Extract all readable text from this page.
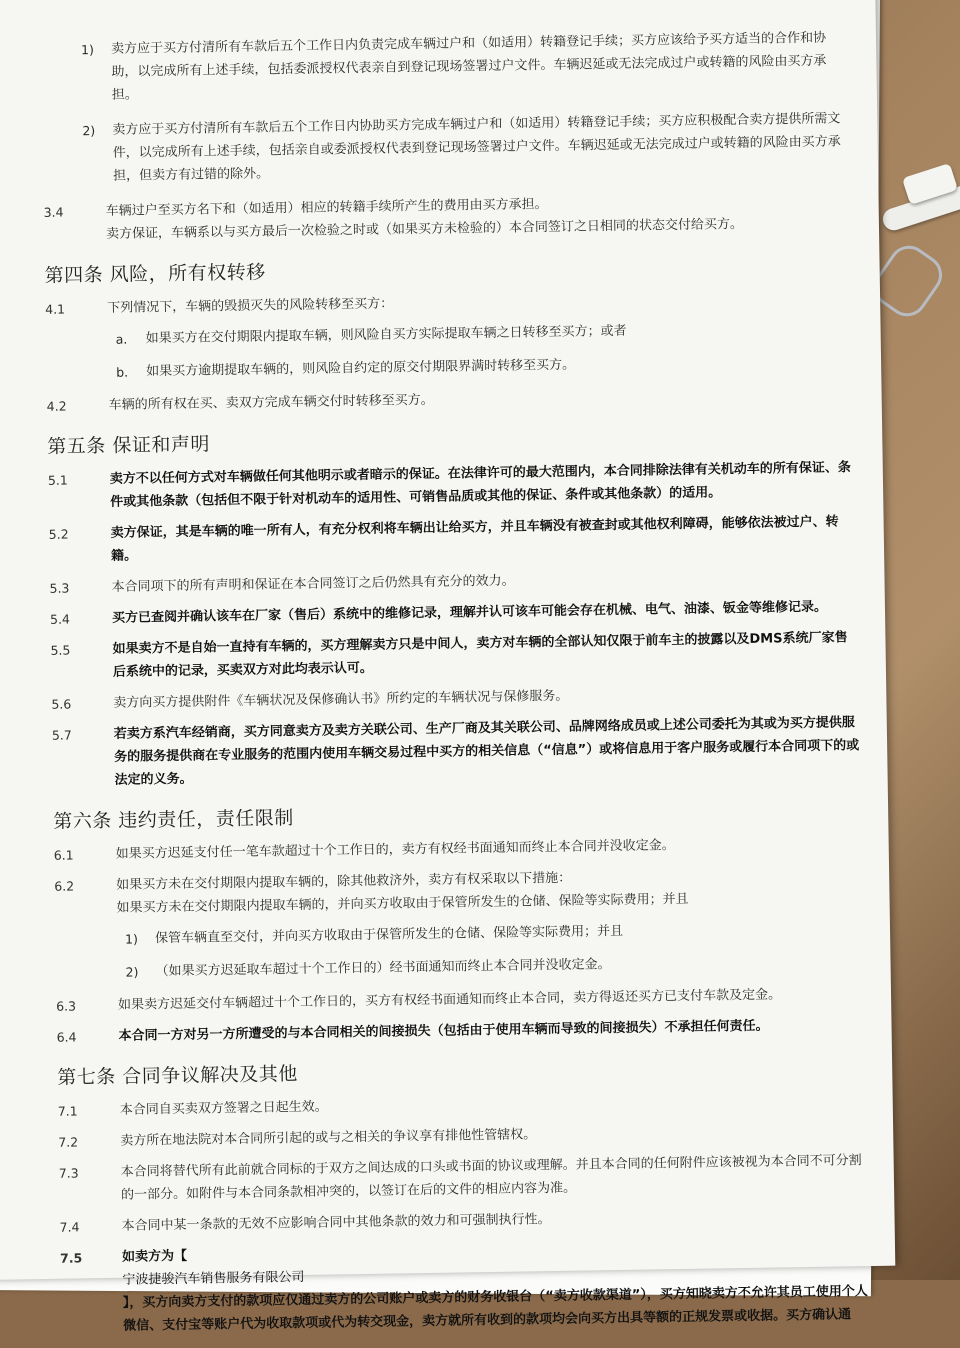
1) 卖方应于买方付清所有车款后五个工作日内负责完成车辆过户和（如适用）转籍登记手续；买方应该给予买方适当的合作和协助，以完成所有上述手续，包括委派授权代表亲自到登记现场签署过户文件。车辆迟延或无法完成过户或转籍的风险由买方承担。
2) 卖方应于买方付清所有车款后五个工作日内协助买方完成车辆过户和（如适用）转籍登记手续；买方应积极配合卖方提供所需文件，以完成所有上述手续，包括亲自或委派授权代表到登记现场签署过户文件。车辆迟延或无法完成过户或转籍的风险由买方承担，但卖方有过错的除外。
3.4	车辆过户至买方名下和（如适用）相应的转籍手续所产生的费用由买方承担。
卖方保证，车辆系以与买方最后一次检验之时或（如果买方未检验的）本合同签订之日相同的状态交付给买方。
第四条 风险，所有权转移
4.1	下列情况下，车辆的毁损灭失的风险转移至买方：
a. 如果买方在交付期限内提取车辆，则风险自买方实际提取车辆之日转移至买方；或者
b. 如果买方逾期提取车辆的，则风险自约定的原交付期限界满时转移至买方。
4.2	车辆的所有权在买、卖双方完成车辆交付时转移至买方。
第五条 保证和声明
5.1	卖方不以任何方式对车辆做任何其他明示或者暗示的保证。在法律许可的最大范围内，本合同排除法律有关机动车的所有保证、条件或其他条款（包括但不限于针对机动车的适用性、可销售品质或其他的保证、条件或其他条款）的适用。
5.2	卖方保证，其是车辆的唯一所有人，有充分权利将车辆出让给买方，并且车辆没有被查封或其他权利障碍，能够依法被过户、转籍。
5.3	本合同项下的所有声明和保证在本合同签订之后仍然具有充分的效力。
5.4	买方已查阅并确认该车在厂家（售后）系统中的维修记录，理解并认可该车可能会存在机械、电气、油漆、钣金等维修记录。
5.5	如果卖方不是自始一直持有车辆的，买方理解卖方只是中间人，卖方对车辆的全部认知仅限于前车主的披露以及DMS系统厂家售后系统中的记录，买卖双方对此均表示认可。
5.6	卖方向买方提供附件《车辆状况及保修确认书》所约定的车辆状况与保修服务。
5.7	若卖方系汽车经销商，买方同意卖方及卖方关联公司、生产厂商及其关联公司、品牌网络成员或上述公司委托为其或为买方提供服务的服务提供商在专业服务的范围内使用车辆交易过程中买方的相关信息（“信息”）或将信息用于客户服务或履行本合同项下的或法定的义务。
第六条 违约责任，责任限制
6.1	如果买方迟延支付任一笔车款超过十个工作日的，卖方有权经书面通知而终止本合同并没收定金。
6.2	如果买方未在交付期限内提取车辆的，除其他救济外，卖方有权采取以下措施：
如果买方未在交付期限内提取车辆的，并向买方收取由于保管所发生的仓储、保险等实际费用；并且
1) 保管车辆直至交付，并向买方收取由于保管所发生的仓储、保险等实际费用；并且
2) （如果买方迟延取车超过十个工作日的）经书面通知而终止本合同并没收定金。
6.3	如果卖方迟延交付车辆超过十个工作日的，买方有权经书面通知而终止本合同，卖方得返还买方已支付车款及定金。
6.4	本合同一方对另一方所遭受的与本合同相关的间接损失（包括由于使用车辆而导致的间接损失）不承担任何责任。
第七条 合同争议解决及其他
7.1	本合同自买卖双方签署之日起生效。
7.2	卖方所在地法院对本合同所引起的或与之相关的争议享有排他性管辖权。
7.3	本合同将替代所有此前就合同标的于双方之间达成的口头或书面的协议或理解。并且本合同的任何附件应该被视为本合同不可分割的一部分。如附件与本合同条款相冲突的，以签订在后的文件的相应内容为准。
7.4	本合同中某一条款的无效不应影响合同中其他条款的效力和可强制执行性。
7.5	如卖方为【
宁波捷骏汽车销售服务有限公司
】，买方向卖方支付的款项应仅通过卖方的公司账户或卖方的财务收银台（“卖方收款渠道”），买方知晓卖方不允许其员工使用个人微信、支付宝等账户代为收取款项或代为转交现金，卖方就所有收到的款项均会向买方出具等额的正规发票或收据。买方确认通
